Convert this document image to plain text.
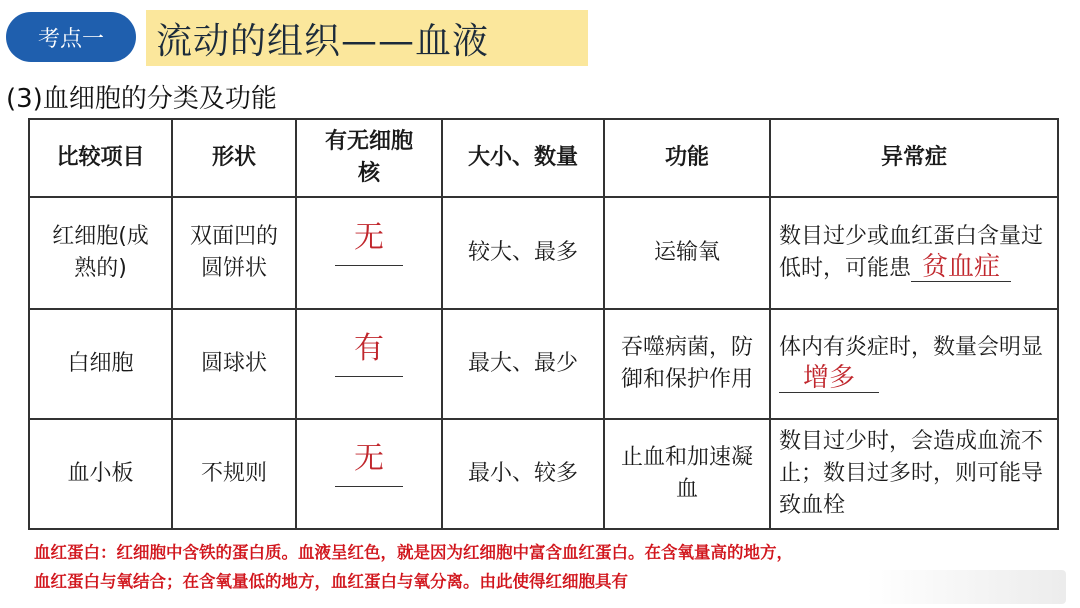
考点一	流动的组织——血液
(3)血细胞的分类及功能
比较项目	形状	有无细胞核	大小、数量	功能	异常症
红细胞(成熟的)	双面凹的圆饼状	无	较大、最多	运输氧	数目过少或血红蛋白含量过低时，可能患 贫血症
白细胞	圆球状	有	最大、最少	吞噬病菌，防御和保护作用	体内有炎症时，数量会明显增多
血小板	不规则	无	最小、较多	止血和加速凝血	数目过少时，会造成血流不止；数目过多时，则可能导致血栓
血红蛋白：红细胞中含铁的蛋白质。血液呈红色，就是因为红细胞中富含血红蛋白。在含氧量高的地方，
血红蛋白与氧结合；在含氧量低的地方，血红蛋白与氧分离。由此使得红细胞具有
